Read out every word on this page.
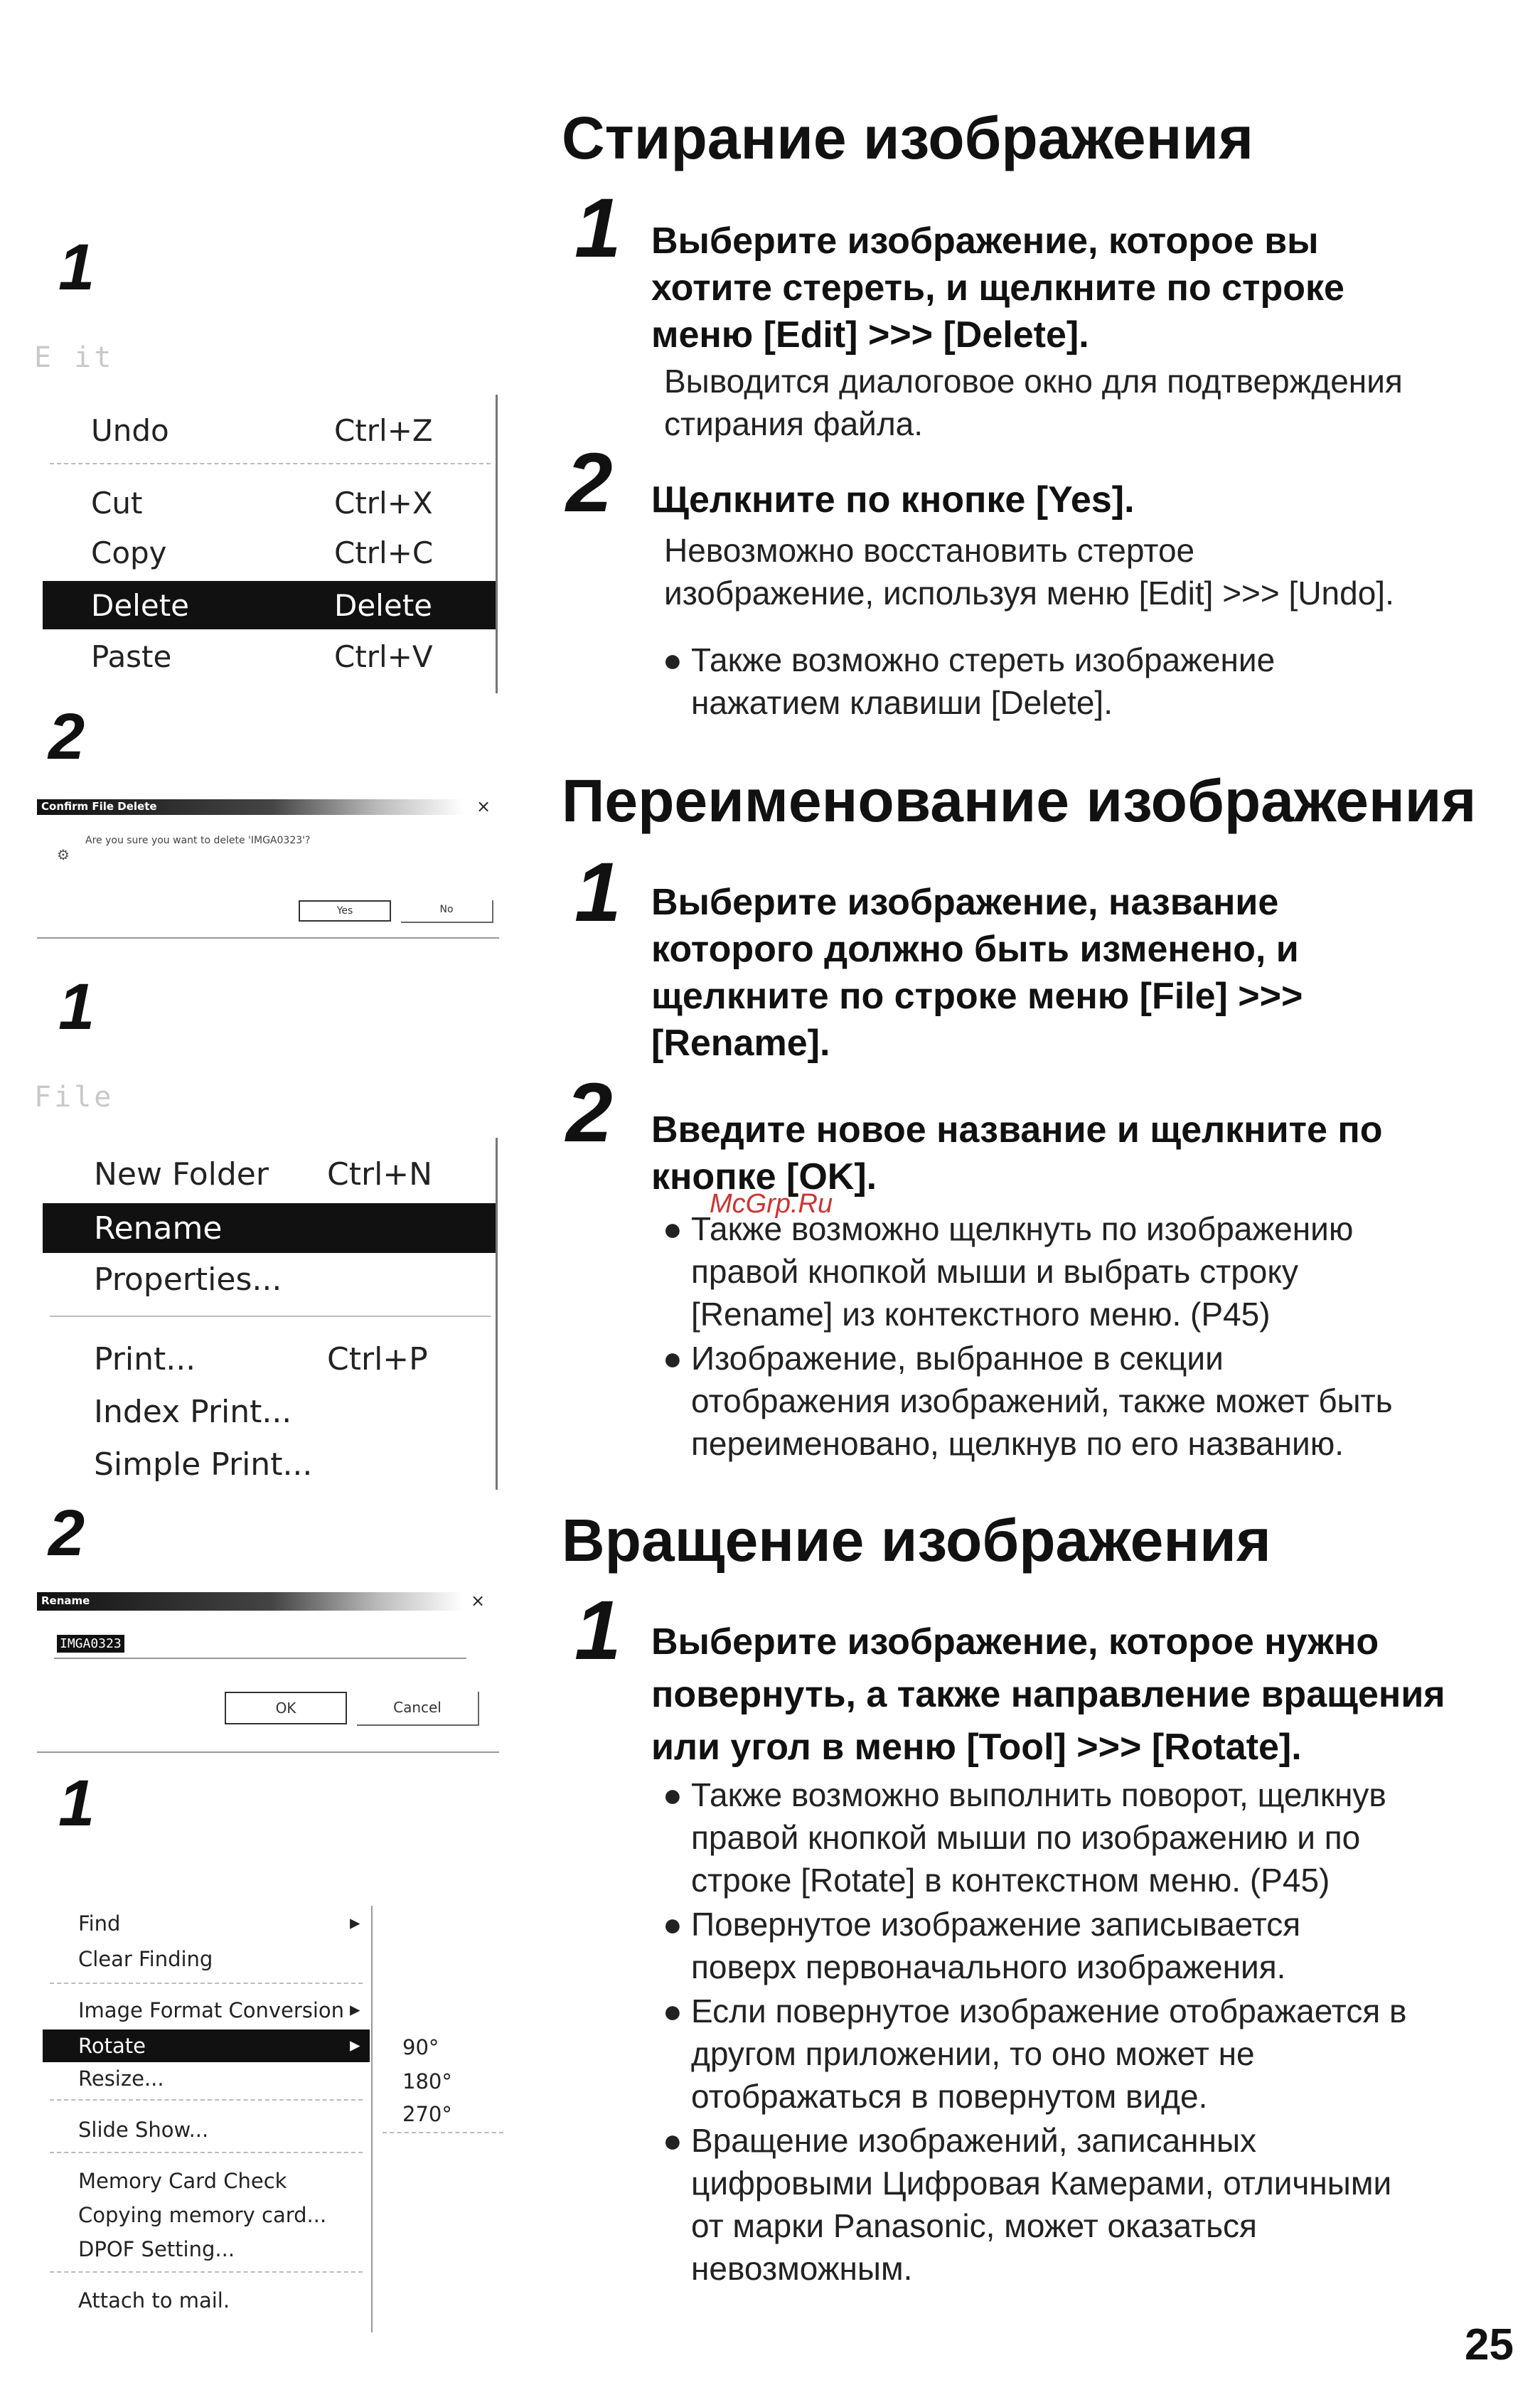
1
E it
Undo	Ctrl+Z
Cut	Ctrl+X
Copy	Ctrl+C
Delete	Delete
Paste	Ctrl+V
2
Confirm File Delete	×
⚙
Are you sure you want to delete 'IMGA0323'?
Yes	No
1
File
New Folder Ctrl+N
Rename
Properties...
Print...	Ctrl+P
Index Print...
Simple Print...
2
Rename	×
IMGA0323
OK	Cancel
1
Find	▸
Clear Finding
Image Format Conversion ▸
Rotate	▸
Resize...
Slide Show...
Memory Card Check
Copying memory card...
DPOF Setting...
Attach to mail.
90°
180°
270°
Стирание изображения
1 Выберите изображение, которое вы
хотите стереть, и щелкните по строке
меню [Edit] >>> [Delete].
Выводится диалоговое окно для подтверждения
стирания файла.
2 Щелкните по кнопке [Yes].
Невозможно восстановить стертое
изображение, используя меню [Edit] >>> [Undo].
● Также возможно стереть изображение
нажатием клавиши [Delete].
Переименование изображения
1 Выберите изображение, название
которого должно быть изменено, и
щелкните по строке меню [File] >>>
[Rename].
2 Введите новое название и щелкните по
кнопке [OK].
McGrp.Ru
● Также возможно щелкнуть по изображению
правой кнопкой мыши и выбрать строку
[Rename] из контекстного меню. (P45)
● Изображение, выбранное в секции
отображения изображений, также может быть
переименовано, щелкнув по его названию.
Вращение изображения
1 Выберите изображение, которое нужно
повернуть, а также направление вращения
или угол в меню [Tool] >>> [Rotate].
● Также возможно выполнить поворот, щелкнув
правой кнопкой мыши по изображению и по
строке [Rotate] в контекстном меню. (P45)
● Повернутое изображение записывается
поверх первоначального изображения.
● Если повернутое изображение отображается в
другом приложении, то оно может не
отображаться в повернутом виде.
● Вращение изображений, записанных
цифровыми Цифровая Камерами, отличными
от марки Panasonic, может оказаться
невозможным.
25
